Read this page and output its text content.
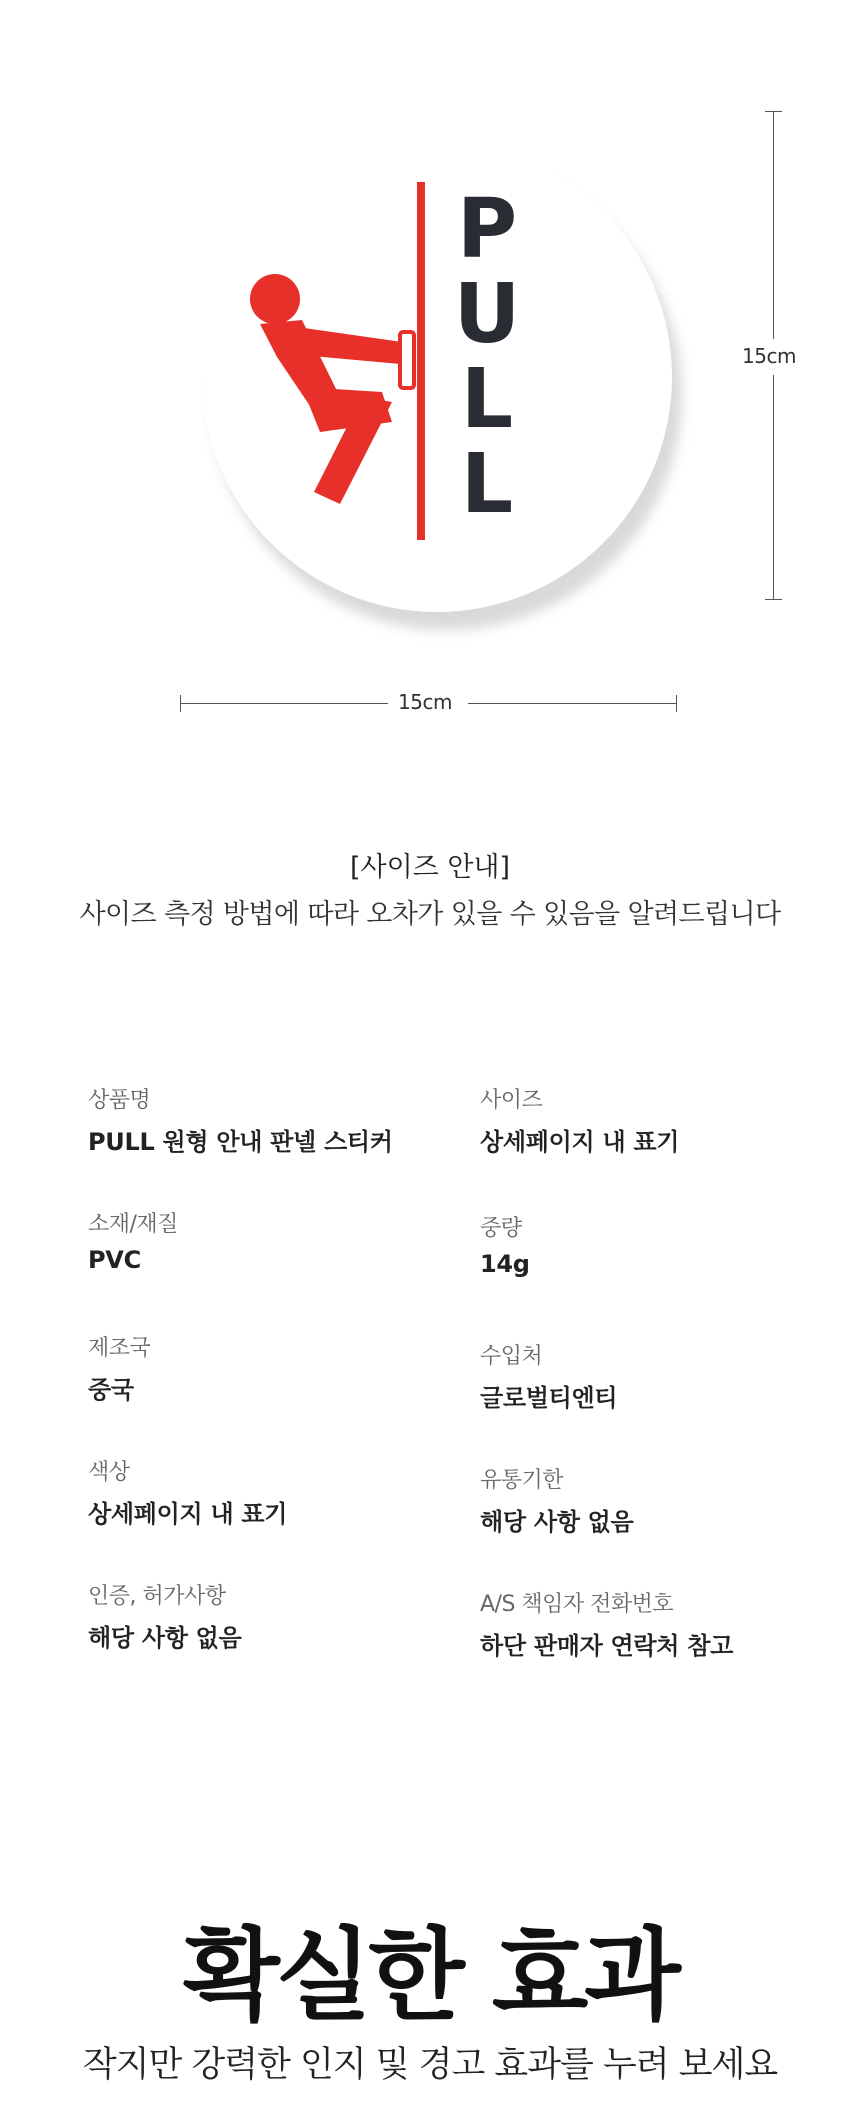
P
U
L
L
15cm
15cm
[사이즈 안내]
사이즈 측정 방법에 따라 오차가 있을 수 있음을 알려드립니다
상품명
PULL 원형 안내 판넬 스티커
소재/재질
PVC
제조국
중국
색상
상세페이지 내 표기
인증, 허가사항
해당 사항 없음
사이즈
상세페이지 내 표기
중량
14g
수입처
글로벌티엔티
유통기한
해당 사항 없음
A/S 책임자 전화번호
하단 판매자 연락처 참고
확실한 효과
작지만 강력한 인지 및 경고 효과를 누려 보세요
